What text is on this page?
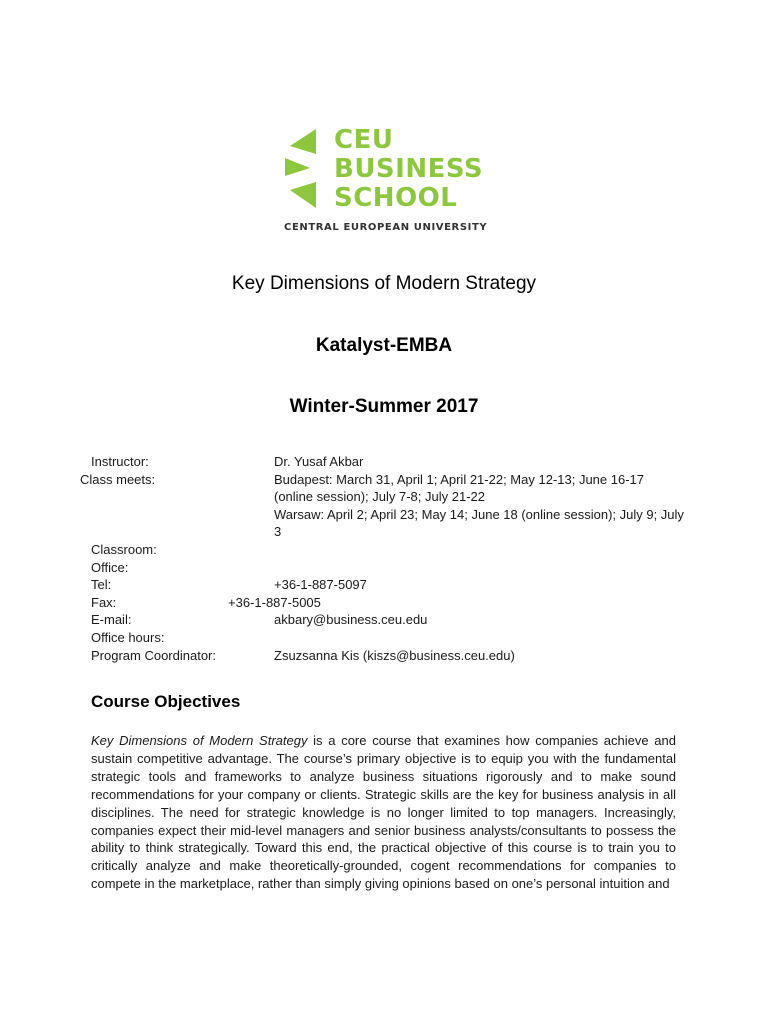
CEU
BUSINESS
SCHOOL
CENTRAL EUROPEAN UNIVERSITY
Key Dimensions of Modern Strategy
Katalyst-EMBA
Winter-Summer 2017
Instructor:	Dr. Yusaf Akbar
Class meets:	Budapest: March 31, April 1; April 21-22; May 12-13; June 16-17 (online session); July 7-8; July 21-22
Warsaw: April 2; April 23; May 14; June 18 (online session); July 9; July 3
Classroom:
Office:
Tel:	+36-1-887-5097
Fax:	+36-1-887-5005
E-mail:	akbary@business.ceu.edu
Office hours:
Program Coordinator:	Zsuzsanna Kis (kiszs@business.ceu.edu)
Course Objectives
Key Dimensions of Modern Strategy is a core course that examines how companies achieve and sustain competitive advantage. The course’s primary objective is to equip you with the fundamental strategic tools and frameworks to analyze business situations rigorously and to make sound recommendations for your company or clients. Strategic skills are the key for business analysis in all disciplines. The need for strategic knowledge is no longer limited to top managers. Increasingly, companies expect their mid-level managers and senior business analysts/consultants to possess the ability to think strategically. Toward this end, the practical objective of this course is to train you to critically analyze and make theoretically-grounded, cogent recommendations for companies to compete in the marketplace, rather than simply giving opinions based on one’s personal intuition and
